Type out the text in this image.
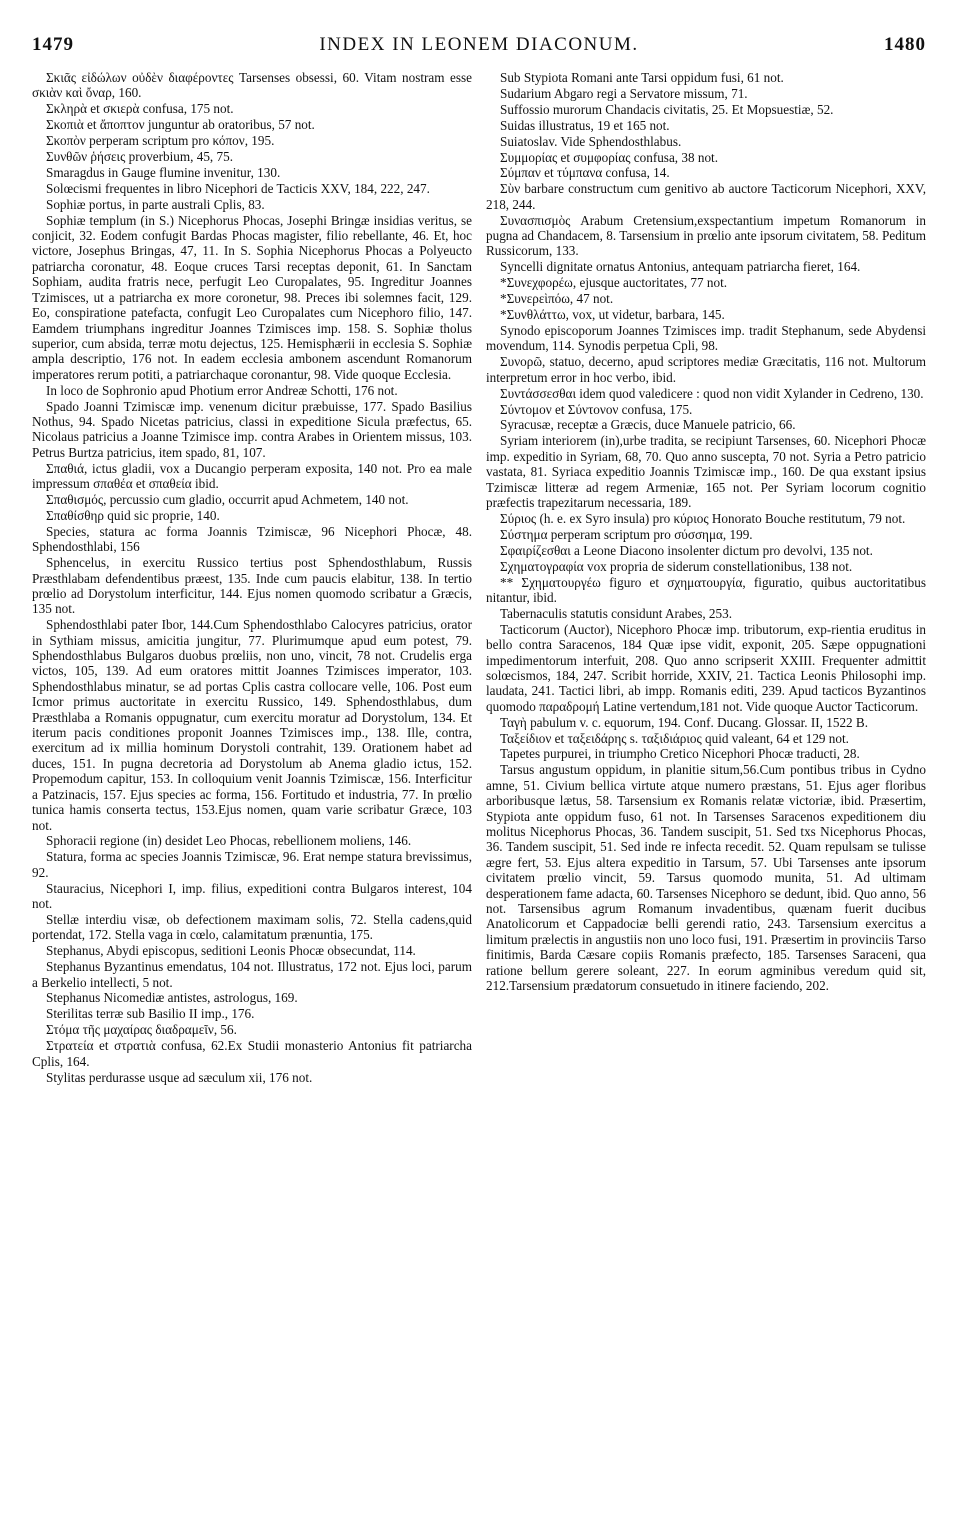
1479	INDEX IN LEONEM DIACONUM.	1480

Σκιᾶς εἰδώλων οὐδὲν διαφέροντες Tarsenses obsessi, 60. Vitam nostram esse σκιὰν καὶ ὄναρ, 160.

Σκληρὰ et σκιερὰ confusa, 175 not.

Σκοπιὰ et ἄποπτον junguntur ab oratoribus, 57 not.

Σκοπὸν perperam scriptum pro κόπον, 195.

Συνθῶν ῥήσεις proverbium, 45, 75.

Smaragdus in Gauge flumine invenitur, 130.

Solœcismi frequentes in libro Nicephori de Tacticis XXV, 184, 222, 247.

Sophiæ portus, in parte australi Cplis, 83.

Sophiæ templum (in S.) Nicephorus Phocas, Josephi Bringæ insidias veritus, se conjicit, 32. Eodem confugit Bardas Phocas magister, filio rebellante, 46. Et, hoc victore, Josephus Bringas, 47, 11. In S. Sophia Nicephorus Phocas a Polyeucto patriarcha coronatur, 48. Eoque cruces Tarsi receptas deponit, 61. In Sanctam Sophiam, audita fratris nece, perfugit Leo Curopalates, 95. Ingreditur Joannes Tzimisces, ut a patriarcha ex more coronetur, 98. Preces ibi solemnes facit, 129. Eo, conspiratione patefacta, confugit Leo Curopalates cum Nicephoro filio, 147. Eamdem triumphans ingreditur Joannes Tzimisces imp. 158. S. Sophiæ tholus superior, cum absida, terræ motu dejectus, 125. Hemisphærii in ecclesia S. Sophiæ ampla descriptio, 176 not. In eadem ecclesia ambonem ascendunt Romanorum imperatores rerum potiti, a patriarchaque coronantur, 98. Vide quoque Ecclesia.

In loco de Sophronio apud Photium error Andreæ Schotti, 176 not.

Spado Joanni Tzimiscæ imp. venenum dicitur præbuisse, 177. Spado Basilius Nothus, 94. Spado Nicetas patricius, classi in expeditione Sicula præfectus, 65. Nicolaus patricius a Joanne Tzimisce imp. contra Arabes in Orientem missus, 103. Petrus Burtza patricius, item spado, 81, 107.

Σπαθιά, ictus gladii, vox a Ducangio perperam exposita, 140 not. Pro ea male impressum σπαθέα et σπαθεία ibid.

Σπαθισμός, percussio cum gladio, occurrit apud Achmetem, 140 not.

Σπαθίσθηρ quid sic proprie, 140.

Species, statura ac forma Joannis Tzimiscæ, 96 Nicephori Phocæ, 48. Sphendosthlabi, 156

Sphencelus, in exercitu Russico tertius post Sphendosthlabum, Russis Præsthlabam defendentibus præest, 135. Inde cum paucis elabitur, 138. In tertio prœlio ad Dorystolum interficitur, 144. Ejus nomen quomodo scribatur a Græcis, 135 not.

Sphendosthlabi pater Ibor, 144.Cum Sphendosthlabo Calocyres patricius, orator in Sythiam missus, amicitia jungitur, 77. Plurimumque apud eum potest, 79. Sphendosthlabus Bulgaros duobus prœliis, non uno, vincit, 78 not. Crudelis erga victos, 105, 139. Ad eum oratores mittit Joannes Tzimisces imperator, 103. Sphendosthlabus minatur, se ad portas Cplis castra collocare velle, 106. Post eum Icmor primus auctoritate in exercitu Russico, 149. Sphendosthlabus, dum Præsthlaba a Romanis oppugnatur, cum exercitu moratur ad Dorystolum, 134. Et iterum pacis conditiones proponit Joannes Tzimisces imp., 138. Ille, contra, exercitum ad ix millia hominum Dorystoli contrahit, 139. Orationem habet ad duces, 151. In pugna decretoria ad Dorystolum ab Anema gladio ictus, 152. Propemodum capitur, 153. In colloquium venit Joannis Tzimiscæ, 156. Interficitur a Patzinacis, 157. Ejus species ac forma, 156. Fortitudo et industria, 77. In prœlio tunica hamis conserta tectus, 153.Ejus nomen, quam varie scribatur Græce, 103 not.

Sphoracii regione (in) desidet Leo Phocas, rebellionem moliens, 146.

Statura, forma ac species Joannis Tzimiscæ, 96. Erat nempe statura brevissimus, 92.

Stauracius, Nicephori I, imp. filius, expeditioni contra Bulgaros interest, 104 not.

Stellæ interdiu visæ, ob defectionem maximam solis, 72. Stella cadens,quid portendat, 172. Stella vaga in cœlo, calamitatum prænuntia, 175.

Stephanus, Abydi episcopus, seditioni Leonis Phocæ obsecundat, 114.

Stephanus Byzantinus emendatus, 104 not. Illustratus, 172 not. Ejus loci, parum a Berkelio intellecti, 5 not.

Stephanus Nicomediæ antistes, astrologus, 169.

Sterilitas terræ sub Basilio II imp., 176.

Στόμα τῆς μαχαίρας διαδραμεῖν, 56.

Στρατεία et στρατιὰ confusa, 62.Ex Studii monasterio Antonius fit patriarcha Cplis, 164.

Stylitas perdurasse usque ad sæculum xii, 176 not.

Sub Stypiota Romani ante Tarsi oppidum fusi, 61 not.

Sudarium Abgaro regi a Servatore missum, 71.

Suffossio murorum Chandacis civitatis, 25. Et Mopsuestiæ, 52.

Suidas illustratus, 19 et 165 not.

Suiatoslav. Vide Sphendosthlabus.

Συμμορίας et συμφορίας confusa, 38 not.

Σύμπαν et τύμπανα confusa, 14.

Σὺν barbare constructum cum genitivo ab auctore Tacticorum Nicephori, XXV, 218, 244.

Συνασπισμὸς Arabum Cretensium,exspectantium impetum Romanorum in pugna ad Chandacem, 8. Tarsensium in prœlio ante ipsorum civitatem, 58. Peditum Russicorum, 133.

Syncelli dignitate ornatus Antonius, antequam patriarcha fieret, 164.

*Συνεχφορέω, ejusque auctoritates, 77 not.

*Συνερεὶπόω, 47 not.

*Συνθλάττω, vox, ut videtur, barbara, 145.

Synodo episcoporum Joannes Tzimisces imp. tradit Stephanum, sede Abydensi movendum, 114. Synodis perpetua Cpli, 98.

Συνορῶ, statuo, decerno, apud scriptores mediæ Græcitatis, 116 not. Multorum interpretum error in hoc verbo, ibid.

Συντάσσεσθαι idem quod valedicere : quod non vidit Xylander in Cedreno, 130.

Σύντομον et Σύντονον confusa, 175.

Syracusæ, receptæ a Græcis, duce Manuele patricio, 66.

Syriam interiorem (in),urbe tradita, se recipiunt Tarsenses, 60. Nicephori Phocæ imp. expeditio in Syriam, 68, 70. Quo anno suscepta, 70 not. Syria a Petro patricio vastata, 81. Syriaca expeditio Joannis Tzimiscæ imp., 160. De qua exstant ipsius Tzimiscæ litteræ ad regem Armeniæ, 165 not. Per Syriam locorum cognitio præfectis trapezitarum necessaria, 189.

Σύριος (h. e. ex Syro insula) pro κύριος Honorato Bouche restitutum, 79 not.

Σύστημα perperam scriptum pro σύσσημα, 199.

Σφαιρίζεσθαι a Leone Diacono insolenter dictum pro devolvi, 135 not.

Σχηματογραφία vox propria de siderum constellationibus, 138 not.

** Σχηματουργέω figuro et σχηματουργία, figuratio, quibus auctoritatibus nitantur, ibid.

Tabernaculis statutis considunt Arabes, 253.

Tacticorum (Auctor), Nicephoro Phocæ imp. tributorum, exp-rientia eruditus in bello contra Saracenos, 184 Quæ ipse vidit, exponit, 205. Sæpe oppugnationi impedimentorum interfuit, 208. Quo anno scripserit XXIII. Frequenter admittit solœcismos, 184, 247. Scribit horride, XXIV, 21. Tactica Leonis Philosophi imp. laudata, 241. Tactici libri, ab impp. Romanis editi, 239. Apud tacticos Byzantinos quomodo παραδρομή Latine vertendum,181 not. Vide quoque Auctor Tacticorum.

Ταγὴ pabulum v. c. equorum, 194. Conf. Ducang. Glossar. II, 1522 B.

Ταξείδιον et ταξειδάρης s. ταξιδιάριος quid valeant, 64 et 129 not.

Tapetes purpurei, in triumpho Cretico Nicephori Phocæ traducti, 28.

Tarsus angustum oppidum, in planitie situm,56.Cum pontibus tribus in Cydno amne, 51. Civium bellica virtute atque numero præstans, 51. Ejus ager floribus arboribusque lætus, 58. Tarsensium ex Romanis relatæ victoriæ, ibid. Præsertim, Stypiota ante oppidum fuso, 61 not. In Tarsenses Saracenos expeditionem diu molitus Nicephorus Phocas, 36. Tandem suscipit, 51. Sed txs Nicephorus Phocas, 36. Tandem suscipit, 51. Sed inde re infecta recedit. 52. Quam repulsam se tulisse ægre fert, 53. Ejus altera expeditio in Tarsum, 57. Ubi Tarsenses ante ipsorum civitatem prœlio vincit, 59. Tarsus quomodo munita, 51. Ad ultimam desperationem fame adacta, 60. Tarsenses Nicephoro se dedunt, ibid. Quo anno, 56 not. Tarsensibus agrum Romanum invadentibus, quænam fuerit ducibus Anatolicorum et Cappadociæ belli gerendi ratio, 243. Tarsensium exercitus a limitum prælectis in angustiis non uno loco fusi, 191. Præsertim in provinciis Tarso finitimis, Barda Cæsare copiis Romanis præfecto, 185. Tarsenses Saraceni, qua ratione bellum gerere soleant, 227. In eorum agminibus veredum quid sit, 212.Tarsensium prædatorum consuetudo in itinere faciendo, 202.
